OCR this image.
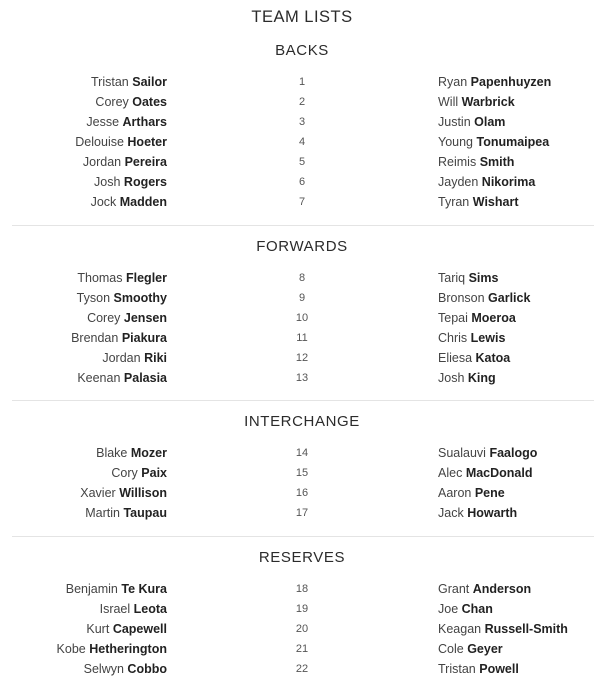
TEAM LISTS
BACKS
Tristan Sailor	1	Ryan Papenhuyzen
Corey Oates	2	Will Warbrick
Jesse Arthars	3	Justin Olam
Delouise Hoeter	4	Young Tonumaipea
Jordan Pereira	5	Reimis Smith
Josh Rogers	6	Jayden Nikorima
Jock Madden	7	Tyran Wishart
FORWARDS
Thomas Flegler	8	Tariq Sims
Tyson Smoothy	9	Bronson Garlick
Corey Jensen	10	Tepai Moeroa
Brendan Piakura	11	Chris Lewis
Jordan Riki	12	Eliesa Katoa
Keenan Palasia	13	Josh King
INTERCHANGE
Blake Mozer	14	Sualauvi Faalogo
Cory Paix	15	Alec MacDonald
Xavier Willison	16	Aaron Pene
Martin Taupau	17	Jack Howarth
RESERVES
Benjamin Te Kura	18	Grant Anderson
Israel Leota	19	Joe Chan
Kurt Capewell	20	Keagan Russell-Smith
Kobe Hetherington	21	Cole Geyer
Selwyn Cobbo	22	Tristan Powell
